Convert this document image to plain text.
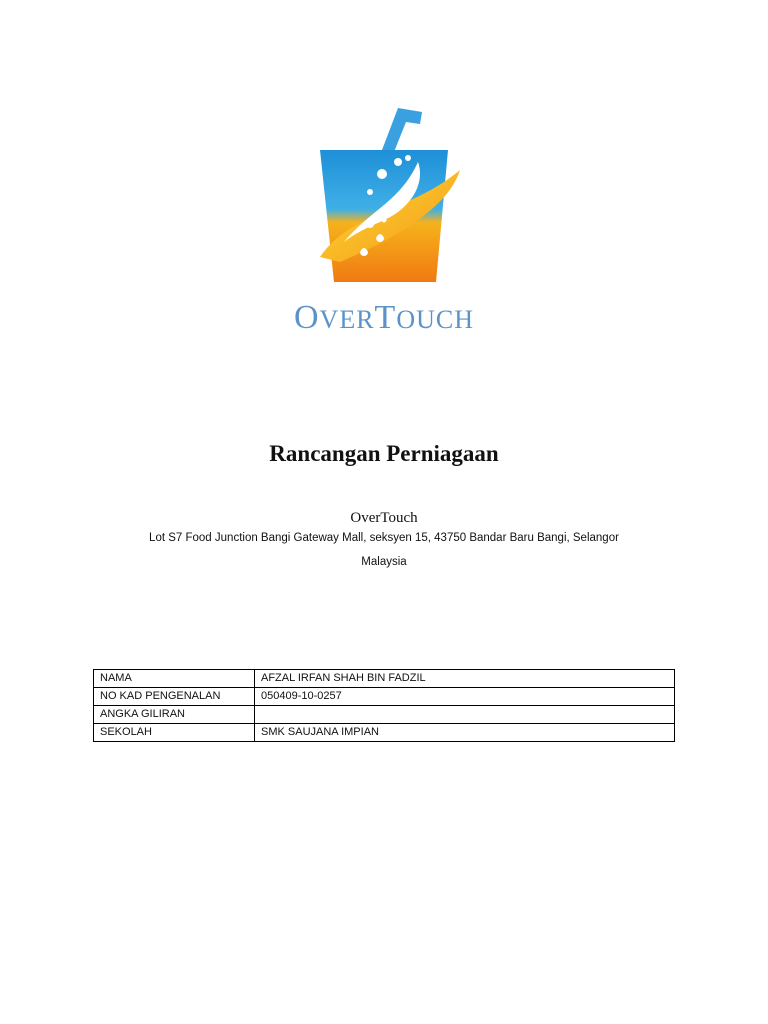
OVERTOUCH
Rancangan Perniagaan
OverTouch
Lot S7 Food Junction Bangi Gateway Mall, seksyen 15, 43750 Bandar Baru Bangi, Selangor
Malaysia
NAMA	AFZAL IRFAN SHAH BIN FADZIL
NO KAD PENGENALAN	050409-10-0257
ANGKA GILIRAN	
SEKOLAH	SMK SAUJANA IMPIAN
